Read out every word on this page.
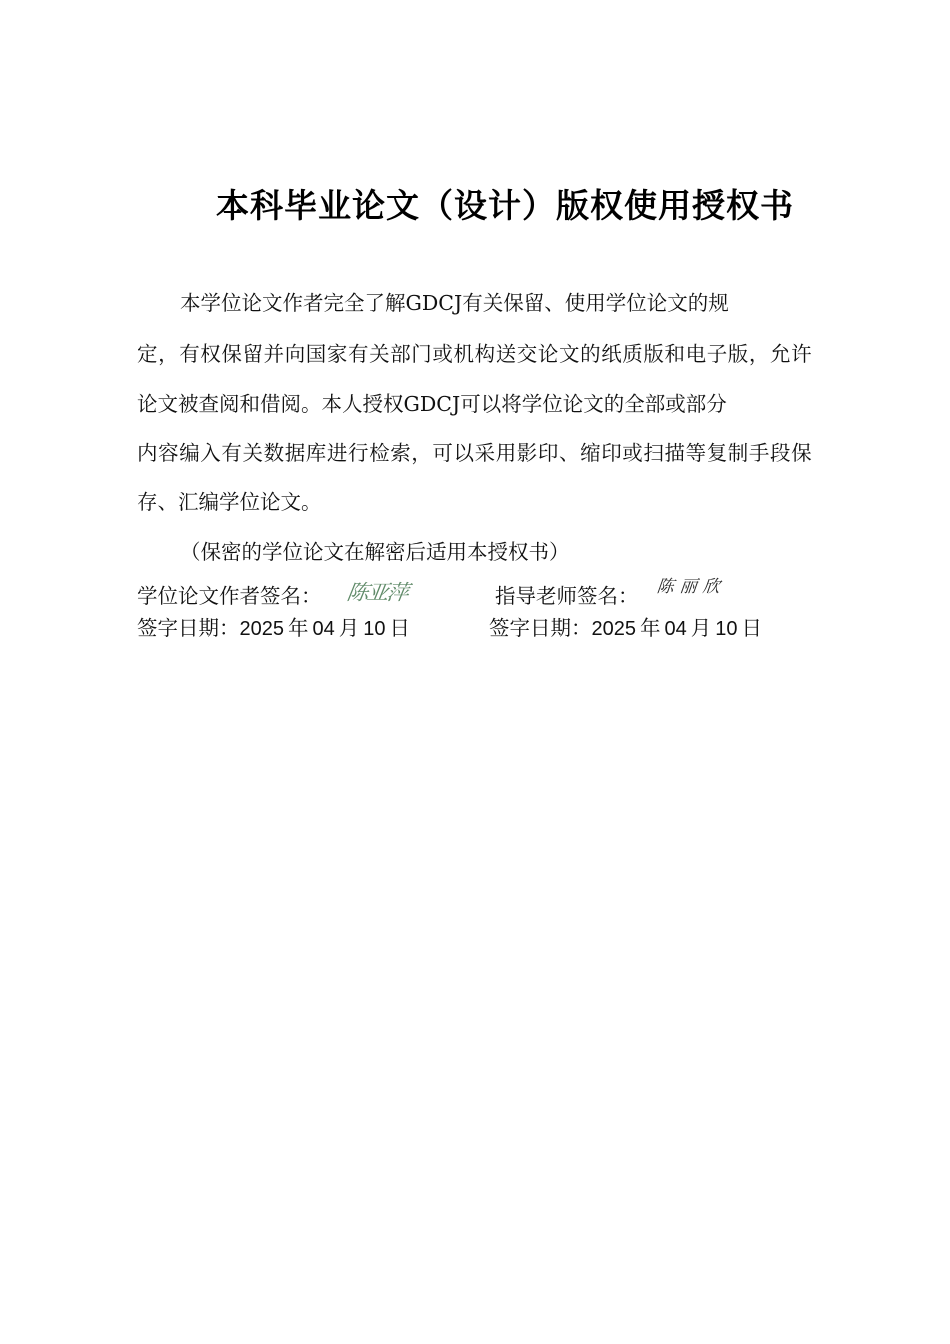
本科毕业论文（设计）版权使用授权书
本学位论文作者完全了解GDCJ有关保留、使用学位论文的规
定，有权保留并向国家有关部门或机构送交论文的纸质版和电子版，允许
论文被查阅和借阅。本人授权GDCJ可以将学位论文的全部或部分
内容编入有关数据库进行检索，可以采用影印、缩印或扫描等复制手段保
存、汇编学位论文。
（保密的学位论文在解密后适用本授权书）
学位论文作者签名： 陈亚萍	指导老师签名： 陈丽欣
签字日期：2025 年 04 月 10 日	签字日期：2025 年 04 月 10 日
